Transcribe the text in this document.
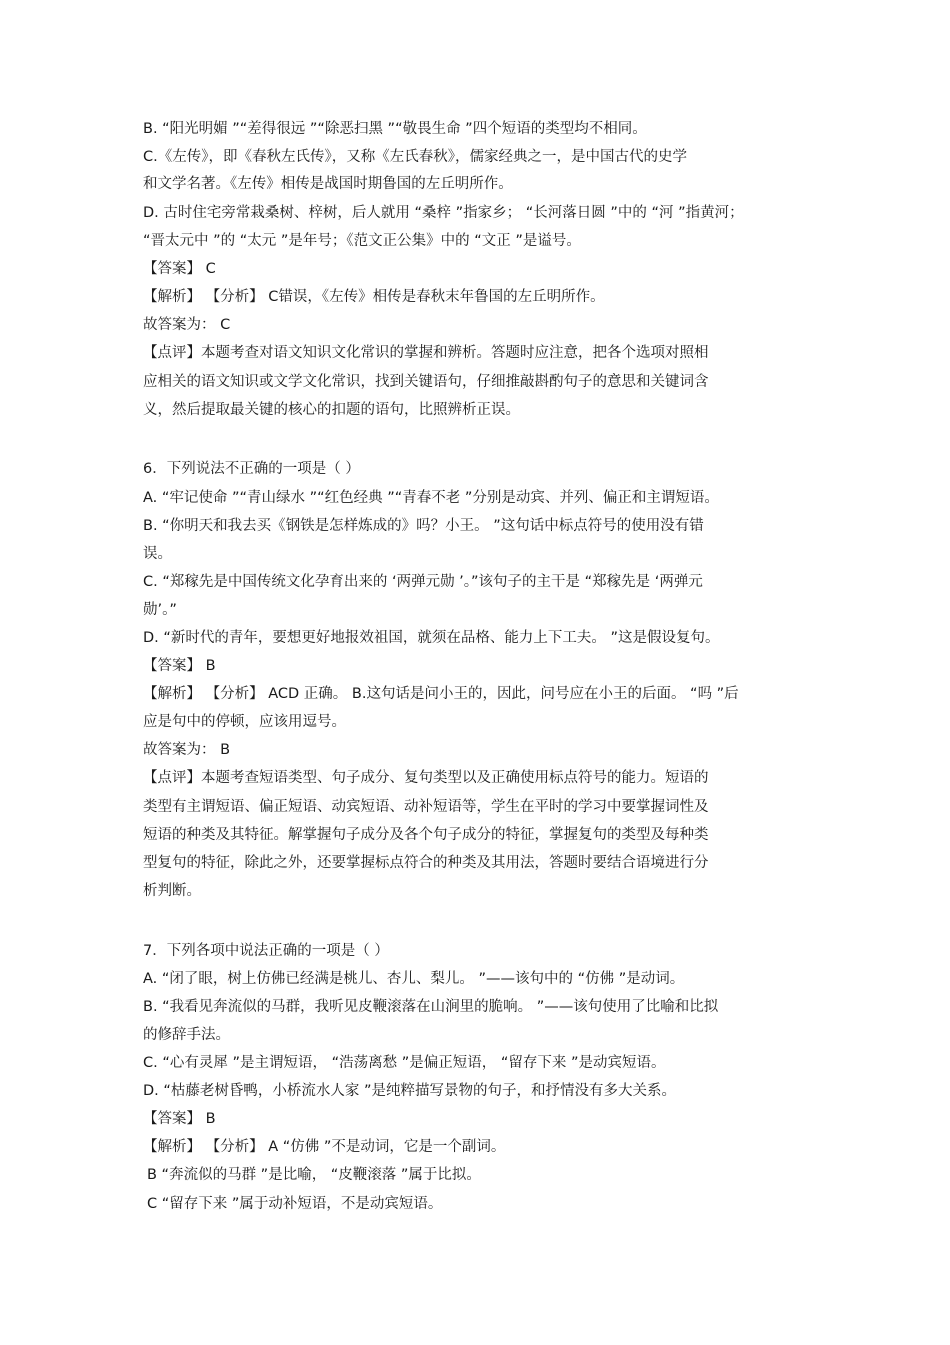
B. “阳光明媚 ”“差得很远 ”“除恶扫黑 ”“敬畏生命 ”四个短语的类型均不相同。
C.《左传》，即《春秋左氏传》，又称《左氏春秋》，儒家经典之一，是中国古代的史学
和文学名著。《左传》相传是战国时期鲁国的左丘明所作。
D. 古时住宅旁常栽桑树、梓树，后人就用 “桑梓 ”指家乡； “长河落日圆 ”中的 “河 ”指黄河；
“晋太元中 ”的 “太元 ”是年号；《范文正公集》中的 “文正 ”是谥号。
【答案】 C
【解析】 【分析】 C错误，《左传》相传是春秋末年鲁国的左丘明所作。
故答案为： C
【点评】本题考查对语文知识文化常识的掌握和辨析。答题时应注意，把各个选项对照相
应相关的语文知识或文学文化常识，找到关键语句，仔细推敲斟酌句子的意思和关键词含
义，然后提取最关键的核心的扣题的语句，比照辨析正误。
6．下列说法不正确的一项是（ ）
A. “牢记使命 ”“青山绿水 ”“红色经典 ”“青春不老 ”分别是动宾、并列、偏正和主谓短语。
B. “你明天和我去买《钢铁是怎样炼成的》吗？小王。 ”这句话中标点符号的使用没有错
误。
C. “郑稼先是中国传统文化孕育出来的 ‘两弹元勋 ’。”该句子的主干是 “郑稼先是 ‘两弹元
勋’。”
D. “新时代的青年，要想更好地报效祖国，就须在品格、能力上下工夫。 ”这是假设复句。
【答案】 B
【解析】 【分析】 ACD 正确。 B.这句话是问小王的，因此，问号应在小王的后面。 “吗 ”后
应是句中的停顿，应该用逗号。
故答案为： B
【点评】本题考查短语类型、句子成分、复句类型以及正确使用标点符号的能力。短语的
类型有主谓短语、偏正短语、动宾短语、动补短语等，学生在平时的学习中要掌握词性及
短语的种类及其特征。解掌握句子成分及各个句子成分的特征，掌握复句的类型及每种类
型复句的特征，除此之外，还要掌握标点符合的种类及其用法，答题时要结合语境进行分
析判断。
7．下列各项中说法正确的一项是（ ）
A. “闭了眼，树上仿佛已经满是桃儿、杏儿、梨儿。 ”——该句中的 “仿佛 ”是动词。
B. “我看见奔流似的马群，我听见皮鞭滚落在山涧里的脆响。 ”——该句使用了比喻和比拟
的修辞手法。
C. “心有灵犀 ”是主谓短语， “浩荡离愁 ”是偏正短语， “留存下来 ”是动宾短语。
D. “枯藤老树昏鸭，小桥流水人家 ”是纯粹描写景物的句子，和抒情没有多大关系。
【答案】 B
【解析】 【分析】 A “仿佛 ”不是动词，它是一个副词。
B “奔流似的马群 ”是比喻， “皮鞭滚落 ”属于比拟。
C “留存下来 ”属于动补短语，不是动宾短语。
